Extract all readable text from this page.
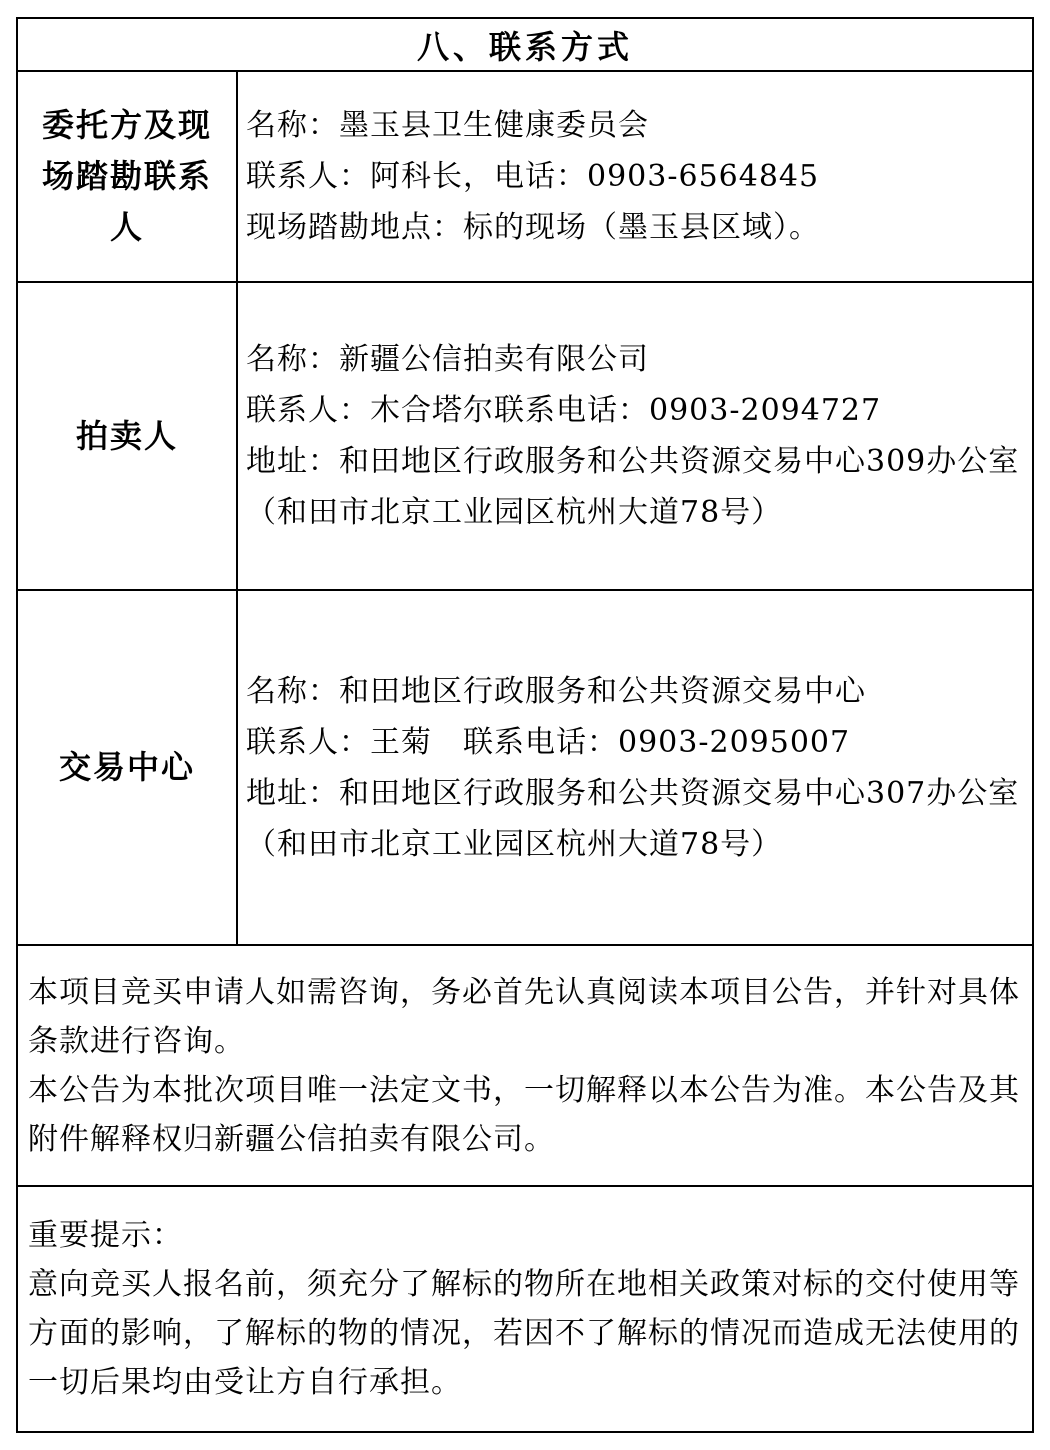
八、联系方式
委托方及现场踏勘联系人
名称：墨玉县卫生健康委员会
联系人：阿科长，电话：0903-6564845
现场踏勘地点：标的现场（墨玉县区域）。
拍卖人
名称：新疆公信拍卖有限公司
联系人：木合塔尔联系电话：0903-2094727
地址：和田地区行政服务和公共资源交易中心309办公室（和田市北京工业园区杭州大道78号）
交易中心
名称：和田地区行政服务和公共资源交易中心
联系人：王菊　联系电话：0903-2095007
地址：和田地区行政服务和公共资源交易中心307办公室（和田市北京工业园区杭州大道78号）
本项目竞买申请人如需咨询，务必首先认真阅读本项目公告，并针对具体条款进行咨询。
本公告为本批次项目唯一法定文书，一切解释以本公告为准。本公告及其附件解释权归新疆公信拍卖有限公司。
重要提示：
意向竞买人报名前，须充分了解标的物所在地相关政策对标的交付使用等方面的影响，了解标的物的情况，若因不了解标的情况而造成无法使用的一切后果均由受让方自行承担。
